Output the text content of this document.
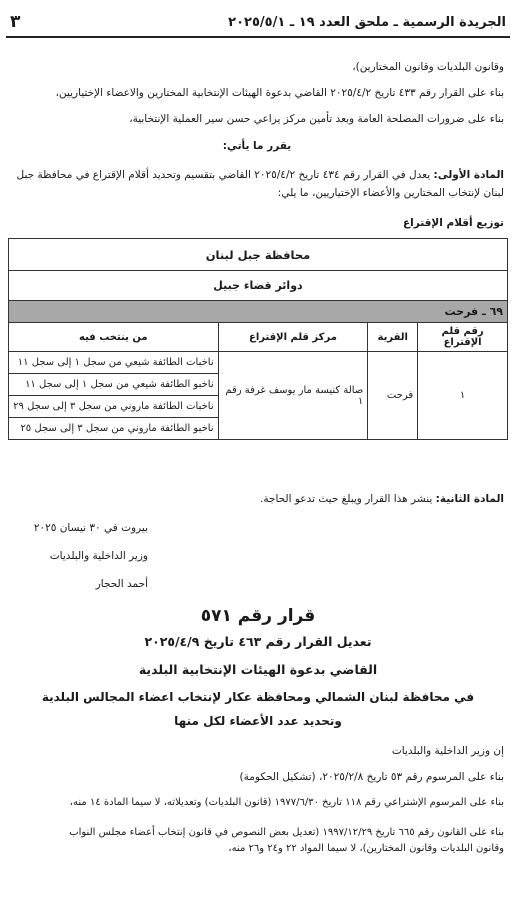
الجريدة الرسمية ـ ملحق العدد ١٩ ـ ٢٠٢٥/٥/١
٣
وقانون البلديات وقانون المختارين)،
بناء على القرار رقم ٤٣٣ تاريخ ٢٠٢٥/٤/٢ القاضي بدعوة الهيئات الإنتخابية المختارين والاعضاء الإختياريين،
بناء على ضرورات المصلحة العامة وبعد تأمين مركز يراعي حسن سير العملية الإنتخابية،
يقرر ما يأتي:
المادة الأولى: يعدل في القرار رقم ٤٣٤ تاريخ ٢٠٢٥/٤/٢ القاضي بتقسيم وتحديد أقلام الإقتراع في محافظة جبل
لبنان لإنتخاب المختارين والأعضاء الإختياريين، ما يلي:
توزيع أقلام الإقتراع
محافظة جبل لبنان			
دوائر قضاء جبيل			
٦٩ ـ فرحت			
رقم قلم الإقتراع	القرية	مركز قلم الإقتراع	من ينتخب فيه
١	فرحت	صالة كنيسة مار يوسف غرفة رقم ١	ناخبات الطائفة شيعي من سجل ١ إلى سجل ١١
			ناخبو الطائفة شيعي من سجل ١ إلى سجل ١١
			ناخبات الطائفة ماروني من سجل ٣ إلى سجل ٢٩
			ناخبو الطائفة ماروني من سجل ٣ إلى سجل ٢٥
المادة الثانية: ينشر هذا القرار ويبلغ حيث تدعو الحاجة.
بيروت في ٣٠ نيسان ٢٠٢٥
وزير الداخلية والبلديات
أحمد الحجار
قرار رقم ٥٧١
تعديل القرار رقم ٤٦٣ تاريخ ٢٠٢٥/٤/٩
القاضي بدعوة الهيئات الإنتخابية البلدية
في محافظة لبنان الشمالي ومحافظة عكار لإنتخاب اعضاء المجالس البلدية
وتحديد عدد الأعضاء لكل منها
إن وزير الداخلية والبلديات
بناء على المرسوم رقم ٥٣ تاريخ ٢٠٢٥/٢/٨، (تشكيل الحكومة)
بناء على المرسوم الإشتراعي رقم ١١٨ تاريخ ١٩٧٧/٦/٣٠ (قانون البلديات) وتعديلاته، لا سيما المادة ١٤ منه،
بناء على القانون رقم ٦٦٥ تاريخ ١٩٩٧/١٢/٢٩ (تعديل بعض النصوص في قانون إنتخاب أعضاء مجلس النواب
وقانون البلديات وقانون المختارين)، لا سيما المواد ٢٢ و٢٤ و٢٦ منه،
